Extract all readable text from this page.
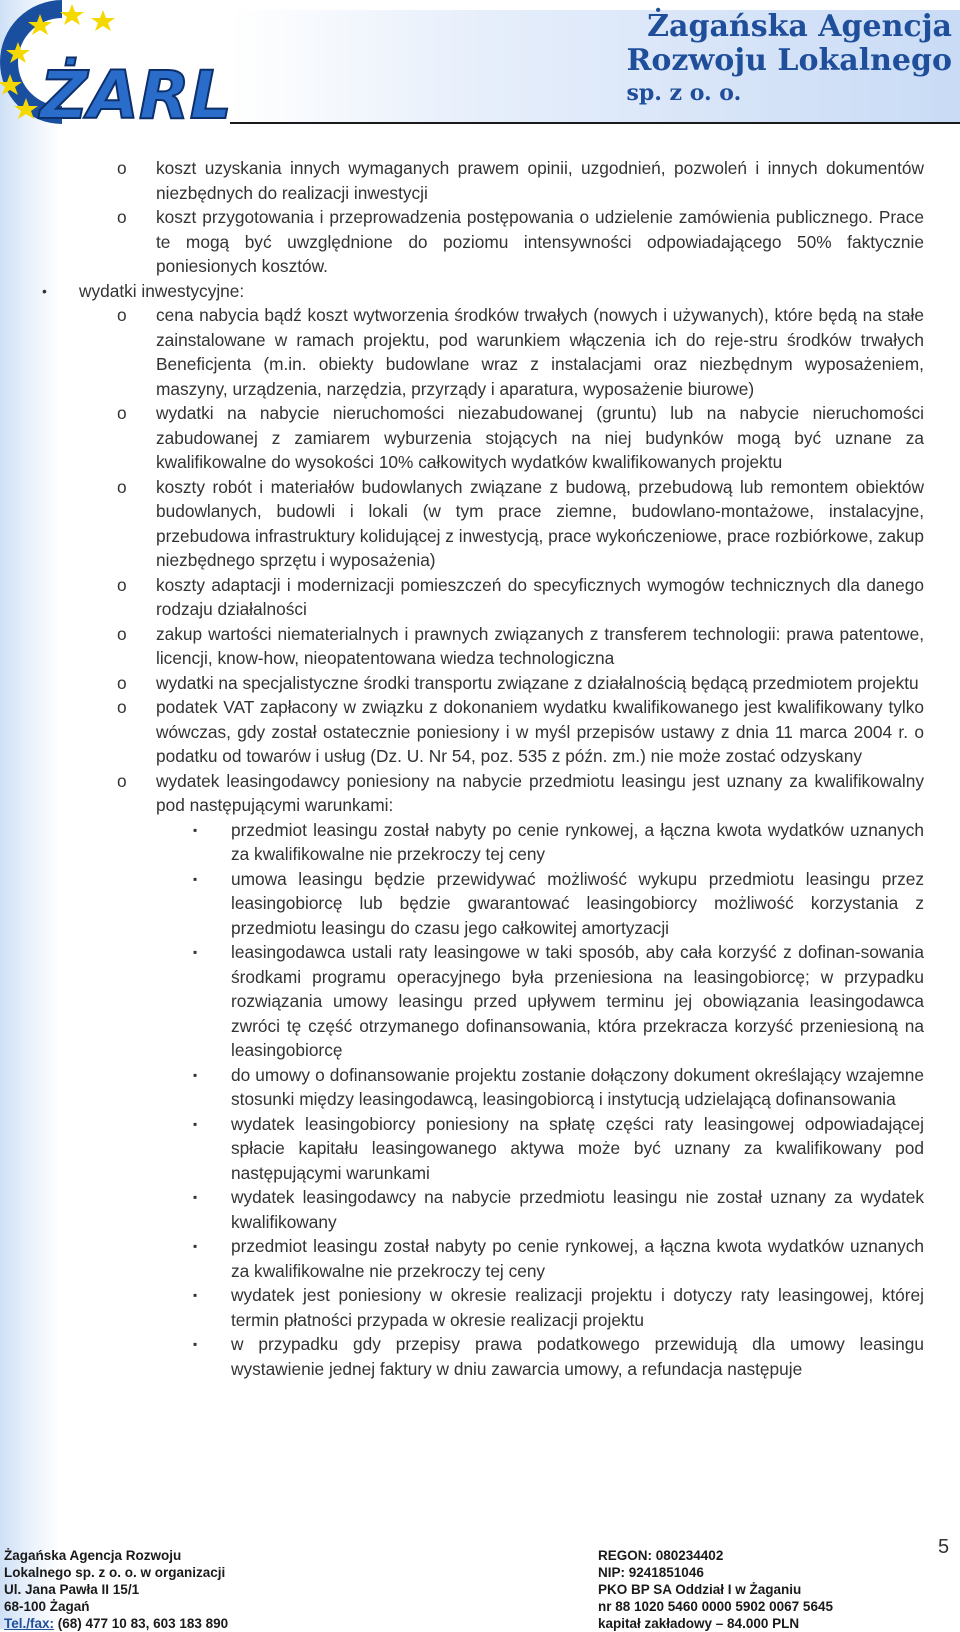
ŻARL
Żagańska Agencja
Rozwoju Lokalnego
sp. z o. o.
o koszt uzyskania innych wymaganych prawem opinii, uzgodnień, pozwoleń i innych dokumentów niezbędnych do realizacji inwestycji
o koszt przygotowania i przeprowadzenia postępowania o udzielenie zamówienia publicznego. Prace te mogą być uwzględnione do poziomu intensywności odpowiadającego 50% faktycznie poniesionych kosztów.
• wydatki inwestycyjne:
o cena nabycia bądź koszt wytworzenia środków trwałych (nowych i używanych), które będą na stałe zainstalowane w ramach projektu, pod warunkiem włączenia ich do reje-stru środków trwałych Beneficjenta (m.in. obiekty budowlane wraz z instalacjami oraz niezbędnym wyposażeniem, maszyny, urządzenia, narzędzia, przyrządy i aparatura, wyposażenie biurowe)
o wydatki na nabycie nieruchomości niezabudowanej (gruntu) lub na nabycie nieruchomości zabudowanej z zamiarem wyburzenia stojących na niej budynków mogą być uznane za kwalifikowalne do wysokości 10% całkowitych wydatków kwalifikowanych projektu
o koszty robót i materiałów budowlanych związane z budową, przebudową lub remontem obiektów budowlanych, budowli i lokali (w tym prace ziemne, budowlano-montażowe, instalacyjne, przebudowa infrastruktury kolidującej z inwestycją, prace wykończeniowe, prace rozbiórkowe, zakup niezbędnego sprzętu i wyposażenia)
o koszty adaptacji i modernizacji pomieszczeń do specyficznych wymogów technicznych dla danego rodzaju działalności
o zakup wartości niematerialnych i prawnych związanych z transferem technologii: prawa patentowe, licencji, know-how, nieopatentowana wiedza technologiczna
o wydatki na specjalistyczne środki transportu związane z działalnością będącą przedmiotem projektu
o podatek VAT zapłacony w związku z dokonaniem wydatku kwalifikowanego jest kwalifikowany tylko wówczas, gdy został ostatecznie poniesiony i w myśl przepisów ustawy z dnia 11 marca 2004 r. o podatku od towarów i usług (Dz. U. Nr 54, poz. 535 z późn. zm.) nie może zostać odzyskany
o wydatek leasingodawcy poniesiony na nabycie przedmiotu leasingu jest uznany za kwalifikowalny pod następującymi warunkami:
▪ przedmiot leasingu został nabyty po cenie rynkowej, a łączna kwota wydatków uznanych za kwalifikowalne nie przekroczy tej ceny
▪ umowa leasingu będzie przewidywać możliwość wykupu przedmiotu leasingu przez leasingobiorcę lub będzie gwarantować leasingobiorcy możliwość korzystania z przedmiotu leasingu do czasu jego całkowitej amortyzacji
▪ leasingodawca ustali raty leasingowe w taki sposób, aby cała korzyść z dofinan-sowania środkami programu operacyjnego była przeniesiona na leasingobiorcę; w przypadku rozwiązania umowy leasingu przed upływem terminu jej obowiązania leasingodawca zwróci tę część otrzymanego dofinansowania, która przekracza korzyść przeniesioną na leasingobiorcę
▪ do umowy o dofinansowanie projektu zostanie dołączony dokument określający wzajemne stosunki między leasingodawcą, leasingobiorcą i instytucją udzielającą dofinansowania
▪ wydatek leasingobiorcy poniesiony na spłatę części raty leasingowej odpowiadającej spłacie kapitału leasingowanego aktywa może być uznany za kwalifikowany pod następującymi warunkami
▪ wydatek leasingodawcy na nabycie przedmiotu leasingu nie został uznany za wydatek kwalifikowany
▪ przedmiot leasingu został nabyty po cenie rynkowej, a łączna kwota wydatków uznanych za kwalifikowalne nie przekroczy tej ceny
▪ wydatek jest poniesiony w okresie realizacji projektu i dotyczy raty leasingowej, której termin płatności przypada w okresie realizacji projektu
▪ w przypadku gdy przepisy prawa podatkowego przewidują dla umowy leasingu wystawienie jednej faktury w dniu zawarcia umowy, a refundacja następuje
Żagańska Agencja Rozwoju
Lokalnego sp. z o. o. w organizacji
Ul. Jana Pawła II 15/1
68-100 Żagań
Tel./fax: (68) 477 10 83, 603 183 890
REGON: 080234402
NIP: 9241851046
PKO BP SA Oddział I w Żaganiu
nr 88 1020 5460 0000 5902 0067 5645
kapitał zakładowy – 84.000 PLN
5
